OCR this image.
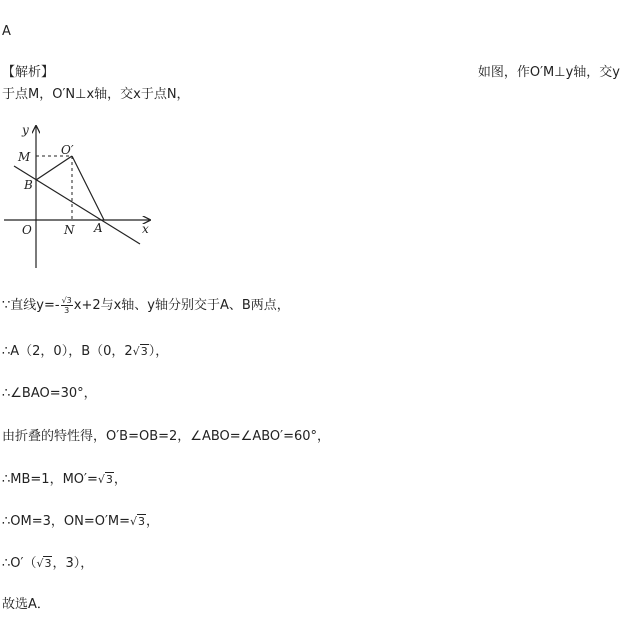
A
【解析】	如图，作O′M⊥y轴，交y
于点M，O′N⊥x轴，交x于点N，
y
M	O′
B
O	N A	x
∵直线$y=- \frac{√3}{3} x+2$与x轴、y轴分别交于A、B两点，
∴A（2，0），B（0，2√3），
∴∠BAO=30°，
由折叠的特性得，O′B=OB=2，∠ABO=∠ABO′=60°，
∴MB=1，MO′=√3，
∴OM=3，ON=O′M=√3，
∴O′（√3，3），
故选A．
